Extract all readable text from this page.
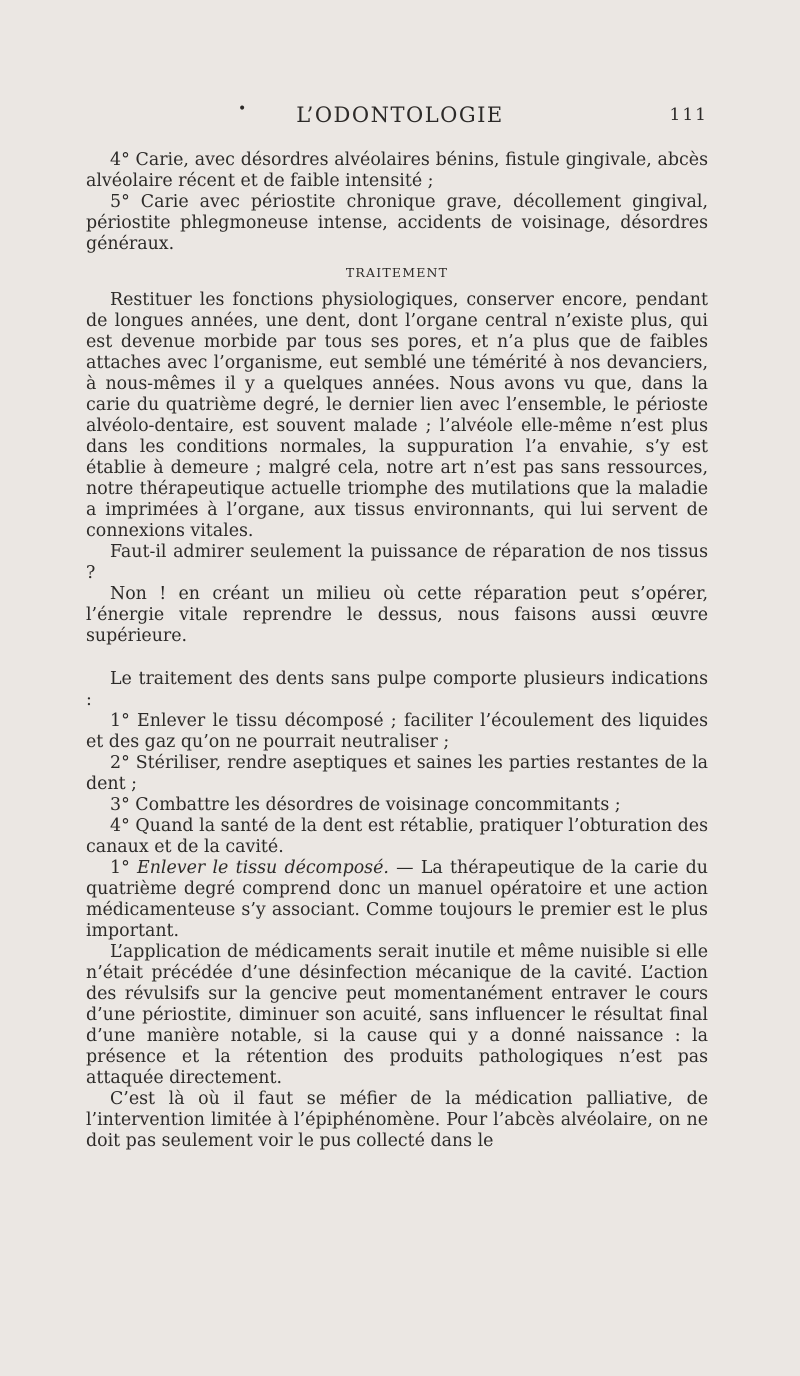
•	L’ODONTOLOGIE	111

4° Carie, avec désordres alvéolaires bénins, fistule gingivale, abcès alvéolaire récent et de faible intensité ;

5° Carie avec périostite chronique grave, décollement gingival, périostite phlegmoneuse intense, accidents de voisinage, désordres généraux.

TRAITEMENT

Restituer les fonctions physiologiques, conserver encore, pendant de longues années, une dent, dont l’organe central n’existe plus, qui est devenue morbide par tous ses pores, et n’a plus que de faibles attaches avec l’organisme, eut semblé une témérité à nos devanciers, à nous-mêmes il y a quelques années. Nous avons vu que, dans la carie du quatrième degré, le dernier lien avec l’ensemble, le périoste alvéolo-dentaire, est souvent malade ; l’alvéole elle-même n’est plus dans les conditions normales, la suppuration l’a envahie, s’y est établie à demeure ; malgré cela, notre art n’est pas sans ressources, notre thérapeutique actuelle triomphe des mutilations que la maladie a imprimées à l’organe, aux tissus environnants, qui lui servent de connexions vitales.

Faut-il admirer seulement la puissance de réparation de nos tissus ?

Non ! en créant un milieu où cette réparation peut s’opérer, l’énergie vitale reprendre le dessus, nous faisons aussi œuvre supérieure.

Le traitement des dents sans pulpe comporte plusieurs indications :

1° Enlever le tissu décomposé ; faciliter l’écoulement des liquides et des gaz qu’on ne pourrait neutraliser ;

2° Stériliser, rendre aseptiques et saines les parties restantes de la dent ;

3° Combattre les désordres de voisinage concommitants ;

4° Quand la santé de la dent est rétablie, pratiquer l’obturation des canaux et de la cavité.

1° Enlever le tissu décomposé. — La thérapeutique de la carie du quatrième degré comprend donc un manuel opératoire et une action médicamenteuse s’y associant. Comme toujours le premier est le plus important.

L’application de médicaments serait inutile et même nuisible si elle n’était précédée d’une désinfection mécanique de la cavité. L’action des révulsifs sur la gencive peut momentanément entraver le cours d’une périostite, diminuer son acuité, sans influencer le résultat final d’une manière notable, si la cause qui y a donné naissance : la présence et la rétention des produits pathologiques n’est pas attaquée directement.

C’est là où il faut se méfier de la médication palliative, de l’intervention limitée à l’épiphénomène. Pour l’abcès alvéolaire, on ne doit pas seulement voir le pus collecté dans le
